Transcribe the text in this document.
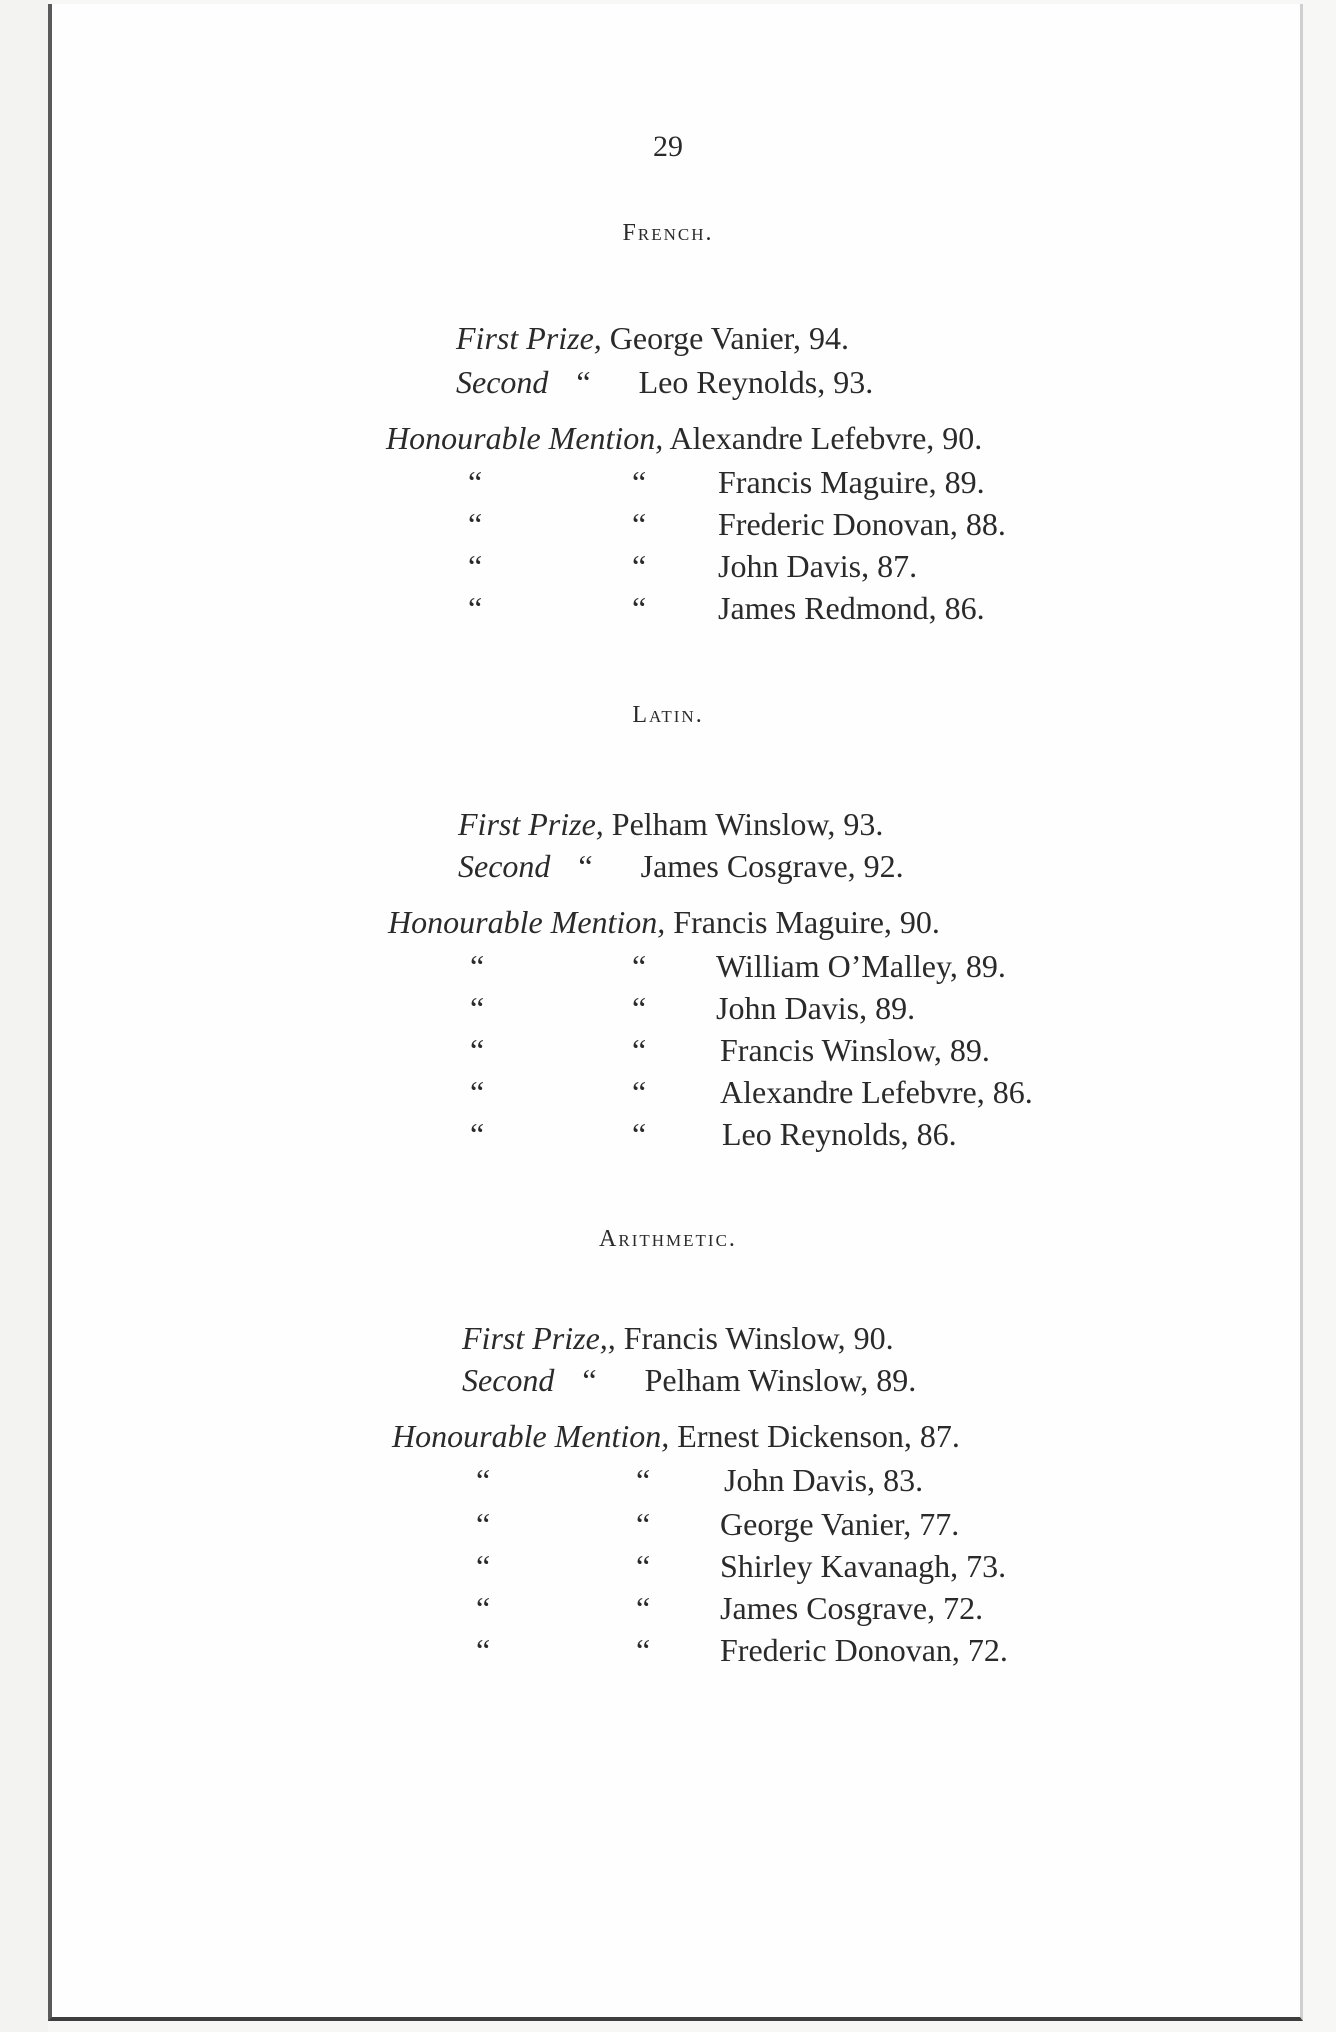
29
French.
First Prize, George Vanier, 94.
Second “ Leo Reynolds, 93.
Honourable Mention, Alexandre Lefebvre, 90.
“	“ Francis Maguire, 89.
“	“ Frederic Donovan, 88.
“	“ John Davis, 87.
“	“ James Redmond, 86.
Latin.
First Prize, Pelham Winslow, 93.
Second “ James Cosgrave, 92.
Honourable Mention, Francis Maguire, 90.
“	“ William O’Malley, 89.
“	“ John Davis, 89.
“	“ Francis Winslow, 89.
“	“ Alexandre Lefebvre, 86.
“	“ Leo Reynolds, 86.
Arithmetic.
First Prize,, Francis Winslow, 90.
Second “ Pelham Winslow, 89.
Honourable Mention, Ernest Dickenson, 87.
“	“ John Davis, 83.
“	“ George Vanier, 77.
“	“ Shirley Kavanagh, 73.
“	“ James Cosgrave, 72.
“	“ Frederic Donovan, 72.
